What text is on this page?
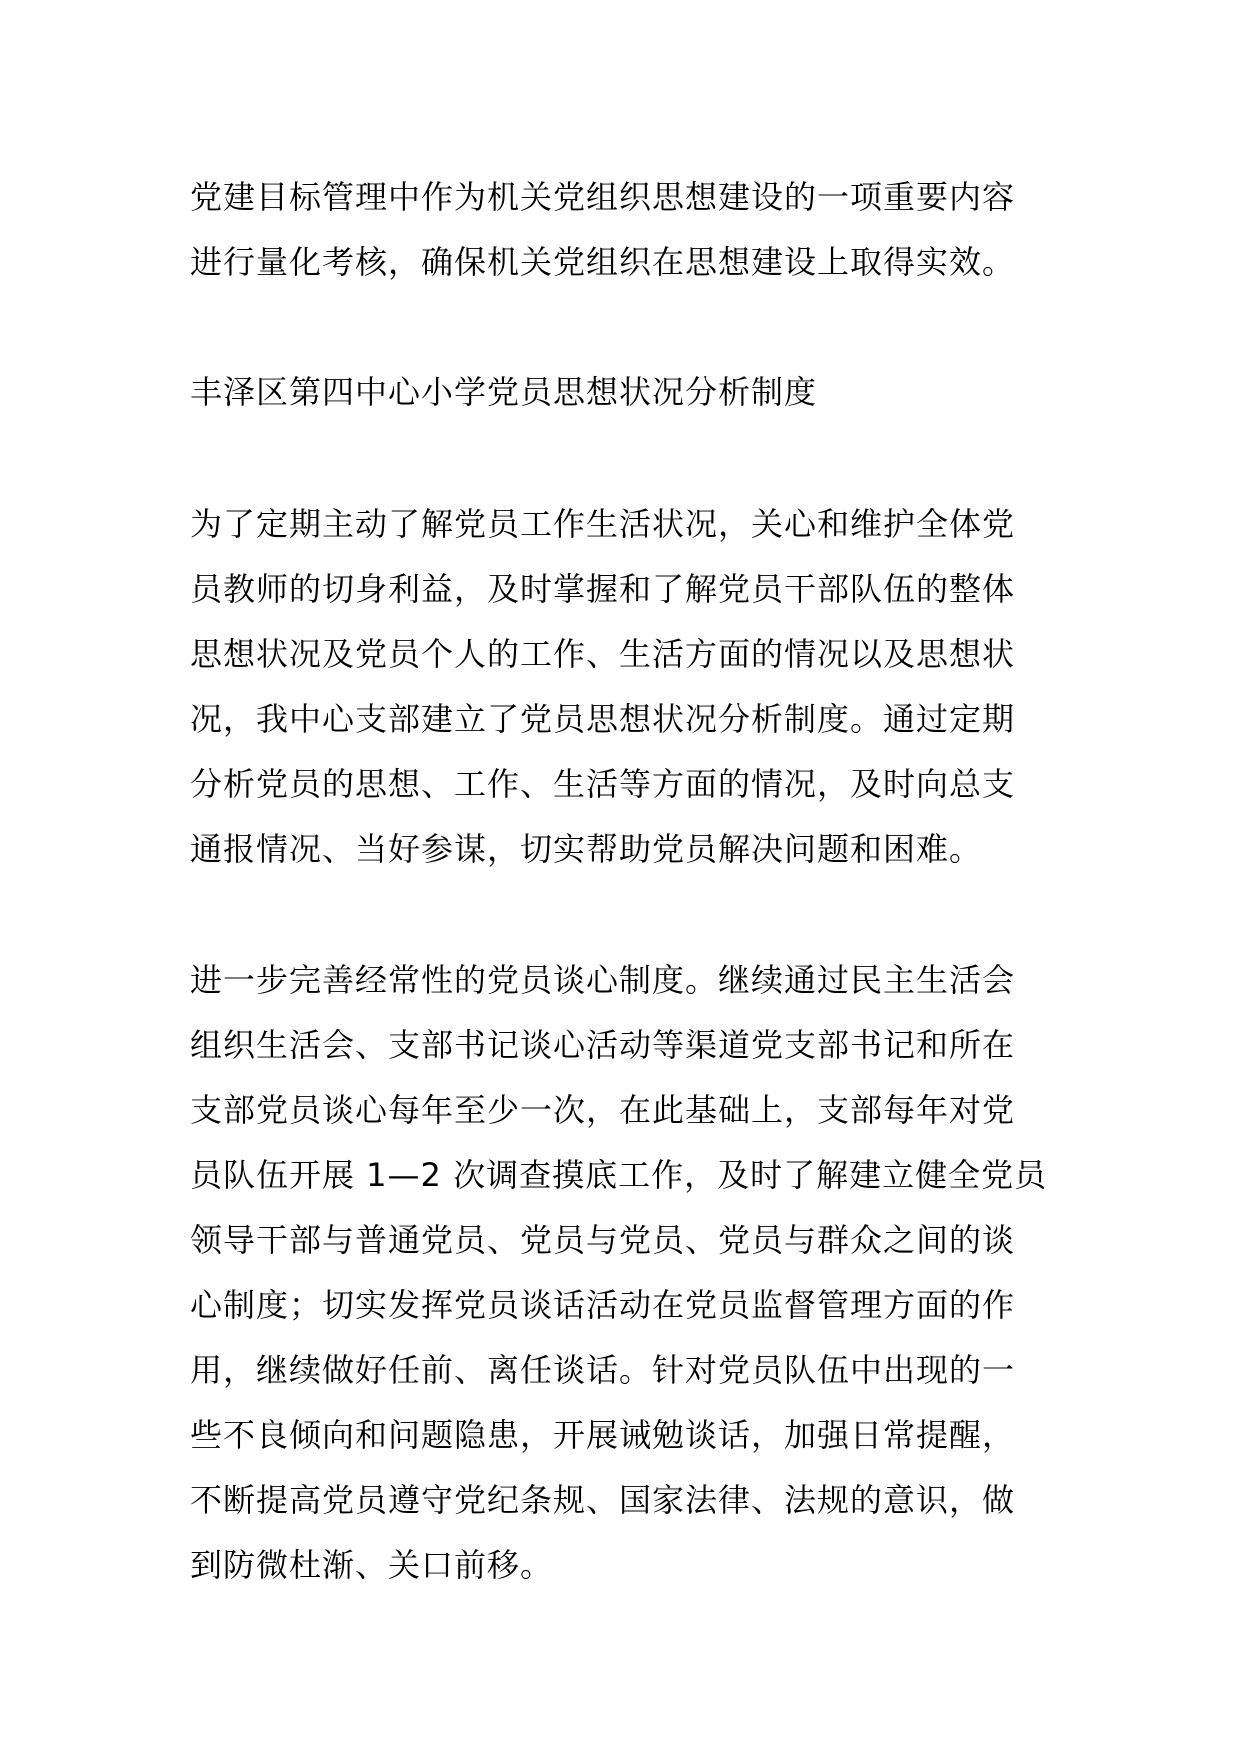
党建目标管理中作为机关党组织思想建设的一项重要内容
进行量化考核，确保机关党组织在思想建设上取得实效。
丰泽区第四中心小学党员思想状况分析制度
为了定期主动了解党员工作生活状况，关心和维护全体党
员教师的切身利益，及时掌握和了解党员干部队伍的整体
思想状况及党员个人的工作、生活方面的情况以及思想状
况，我中心支部建立了党员思想状况分析制度。通过定期
分析党员的思想、工作、生活等方面的情况，及时向总支
通报情况、当好参谋，切实帮助党员解决问题和困难。
进一步完善经常性的党员谈心制度。继续通过民主生活会
组织生活会、支部书记谈心活动等渠道党支部书记和所在
支部党员谈心每年至少一次，在此基础上，支部每年对党
员队伍开展 1—2 次调查摸底工作，及时了解建立健全党员
领导干部与普通党员、党员与党员、党员与群众之间的谈
心制度；切实发挥党员谈话活动在党员监督管理方面的作
用，继续做好任前、离任谈话。针对党员队伍中出现的一
些不良倾向和问题隐患，开展诫勉谈话，加强日常提醒，
不断提高党员遵守党纪条规、国家法律、法规的意识，做
到防微杜渐、关口前移。
